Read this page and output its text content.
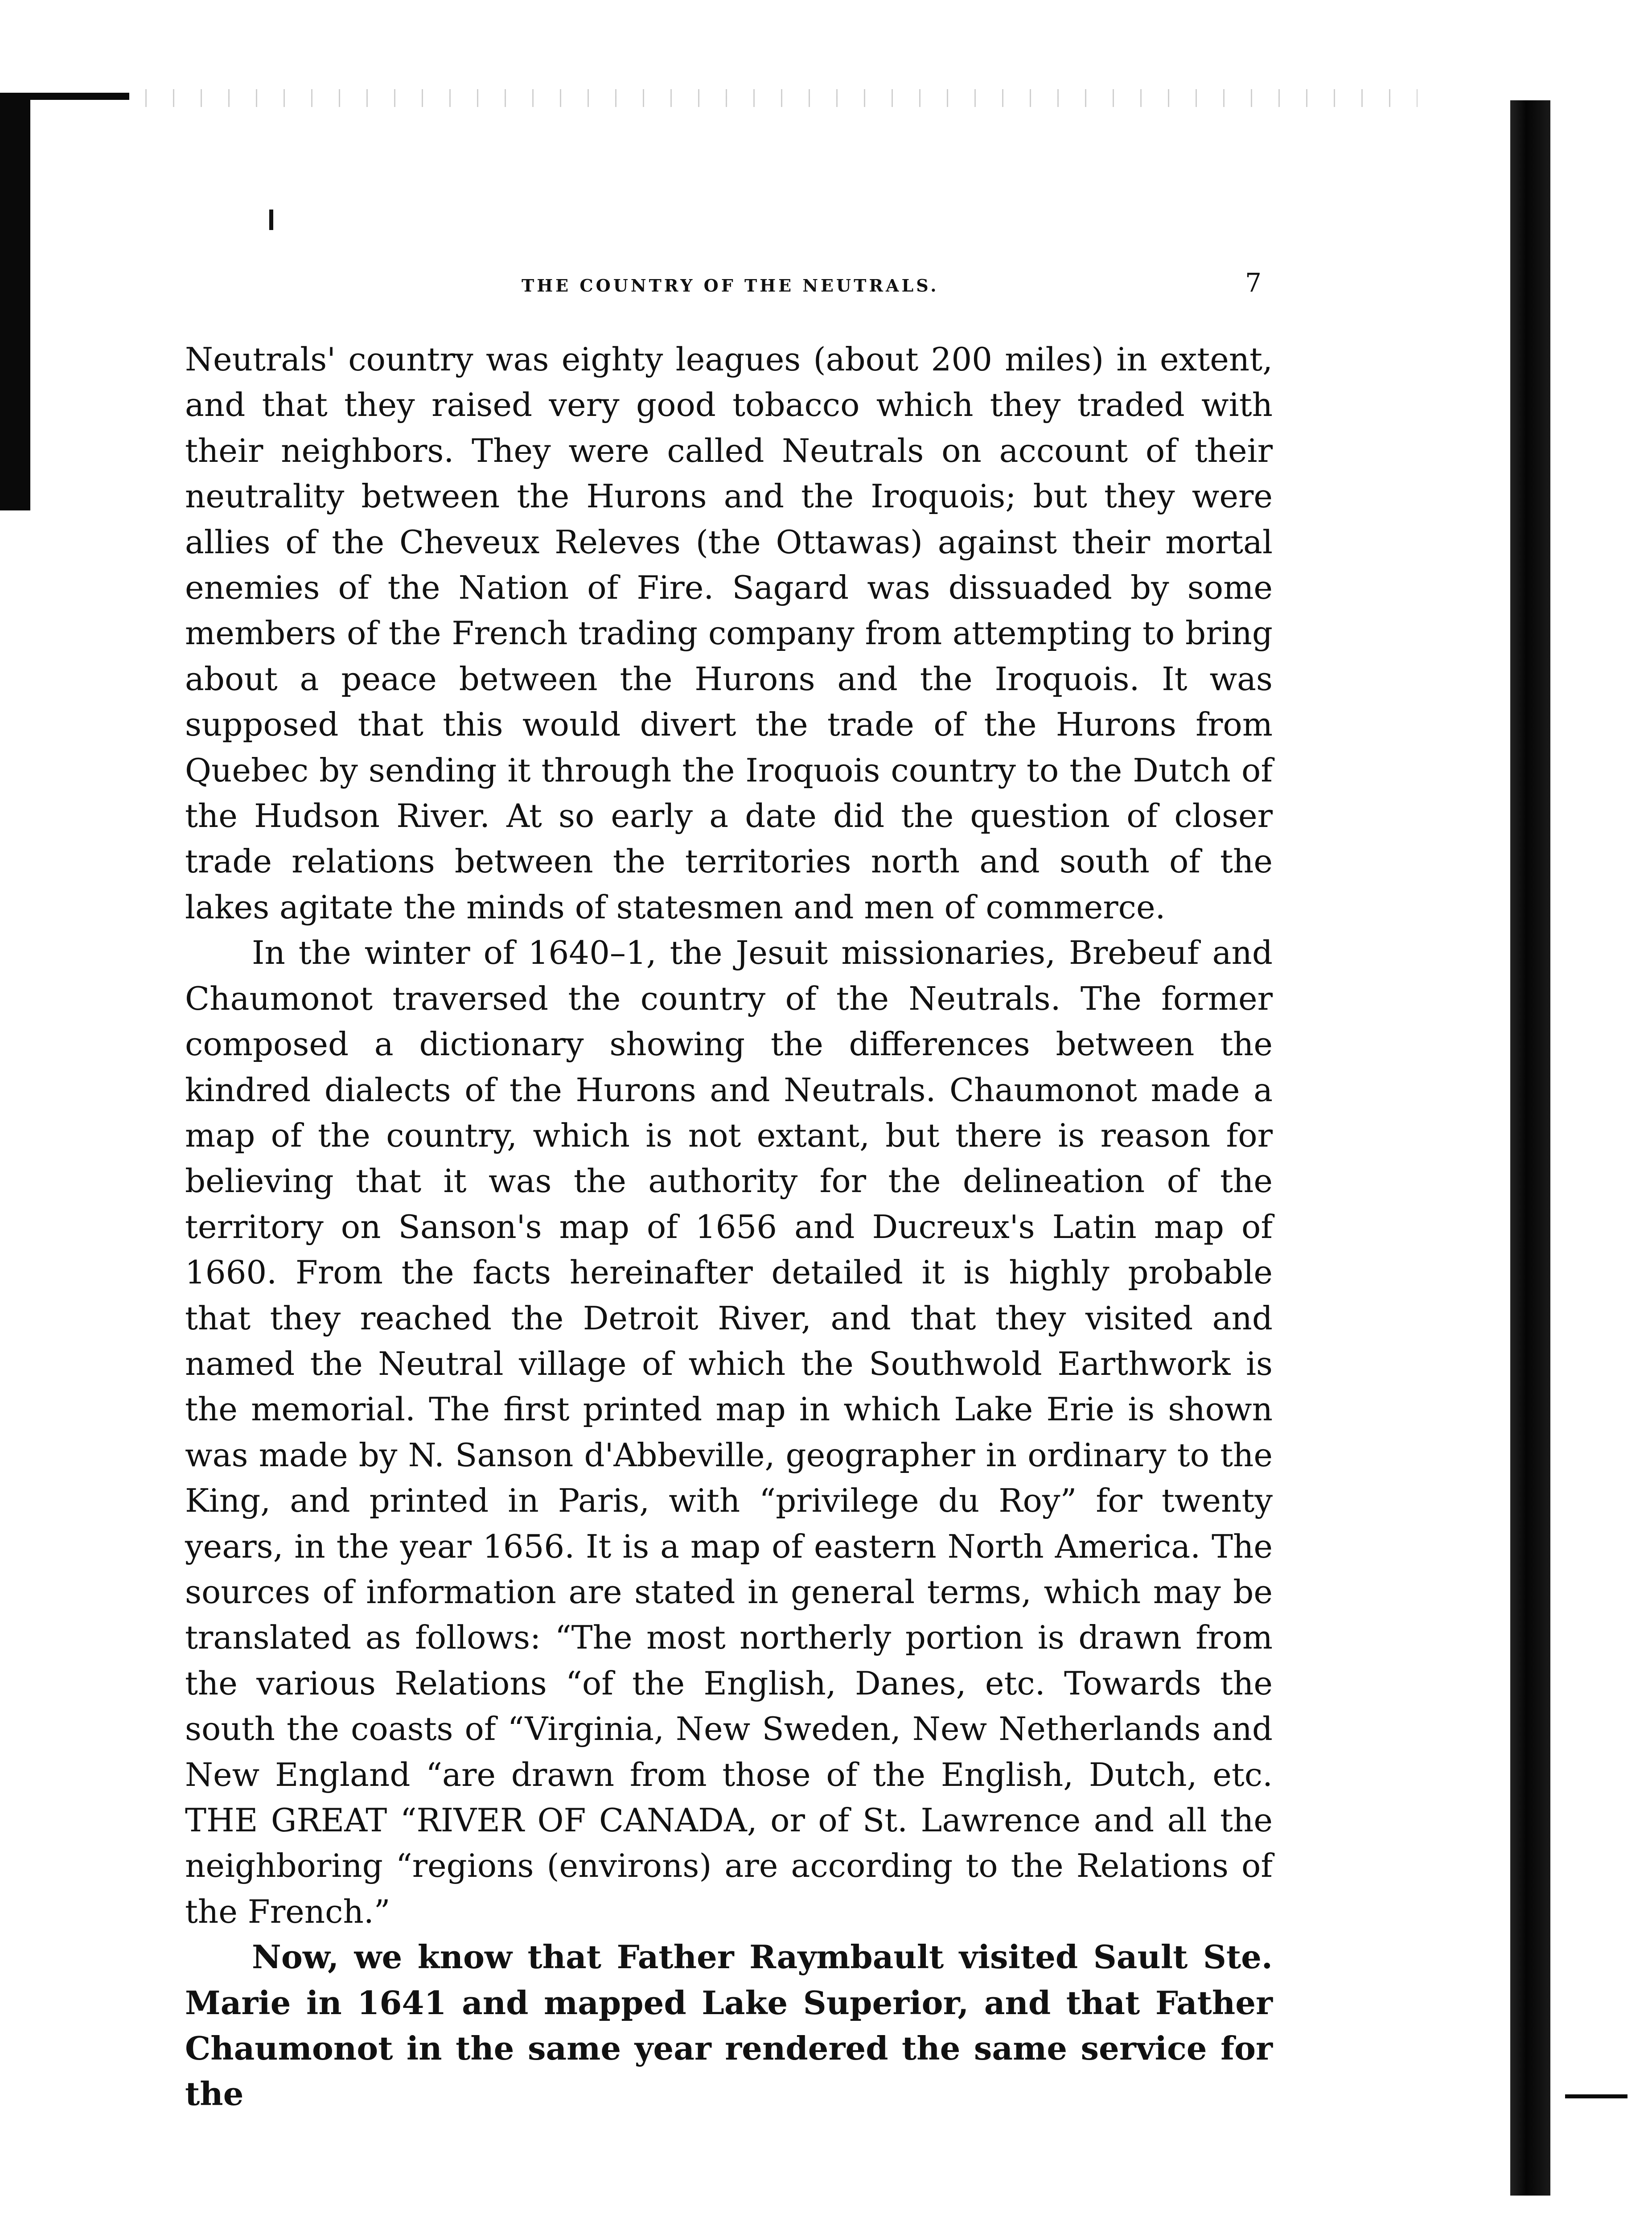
THE COUNTRY OF THE NEUTRALS.	7

Neutrals' country was eighty leagues (about 200 miles) in extent, and that they raised very good tobacco which they traded with their neighbors. They were called Neutrals on account of their neutrality between the Hurons and the Iroquois; but they were allies of the Cheveux Releves (the Ottawas) against their mortal enemies of the Nation of Fire. Sagard was dissuaded by some members of the French trading company from attempting to bring about a peace between the Hurons and the Iroquois. It was supposed that this would divert the trade of the Hurons from Quebec by sending it through the Iroquois country to the Dutch of the Hudson River. At so early a date did the question of closer trade relations between the territories north and south of the lakes agitate the minds of statesmen and men of commerce.

In the winter of 1640–1, the Jesuit missionaries, Brebeuf and Chaumonot traversed the country of the Neutrals. The former composed a dictionary showing the differences between the kindred dialects of the Hurons and Neutrals. Chaumonot made a map of the country, which is not extant, but there is reason for believing that it was the authority for the delineation of the territory on Sanson's map of 1656 and Ducreux's Latin map of 1660. From the facts hereinafter detailed it is highly probable that they reached the Detroit River, and that they visited and named the Neutral village of which the Southwold Earthwork is the memorial. The first printed map in which Lake Erie is shown was made by N. Sanson d'Abbeville, geographer in ordinary to the King, and printed in Paris, with “privilege du Roy” for twenty years, in the year 1656. It is a map of eastern North America. The sources of information are stated in general terms, which may be translated as follows: “The most northerly portion is drawn from the various Relations “of the English, Danes, etc. Towards the south the coasts of “Virginia, New Sweden, New Netherlands and New England “are drawn from those of the English, Dutch, etc. THE GREAT “RIVER OF CANADA, or of St. Lawrence and all the neighboring “regions (environs) are according to the Relations of the French.”

Now, we know that Father Raymbault visited Sault Ste. Marie in 1641 and mapped Lake Superior, and that Father Chaumonot in the same year rendered the same service for the
